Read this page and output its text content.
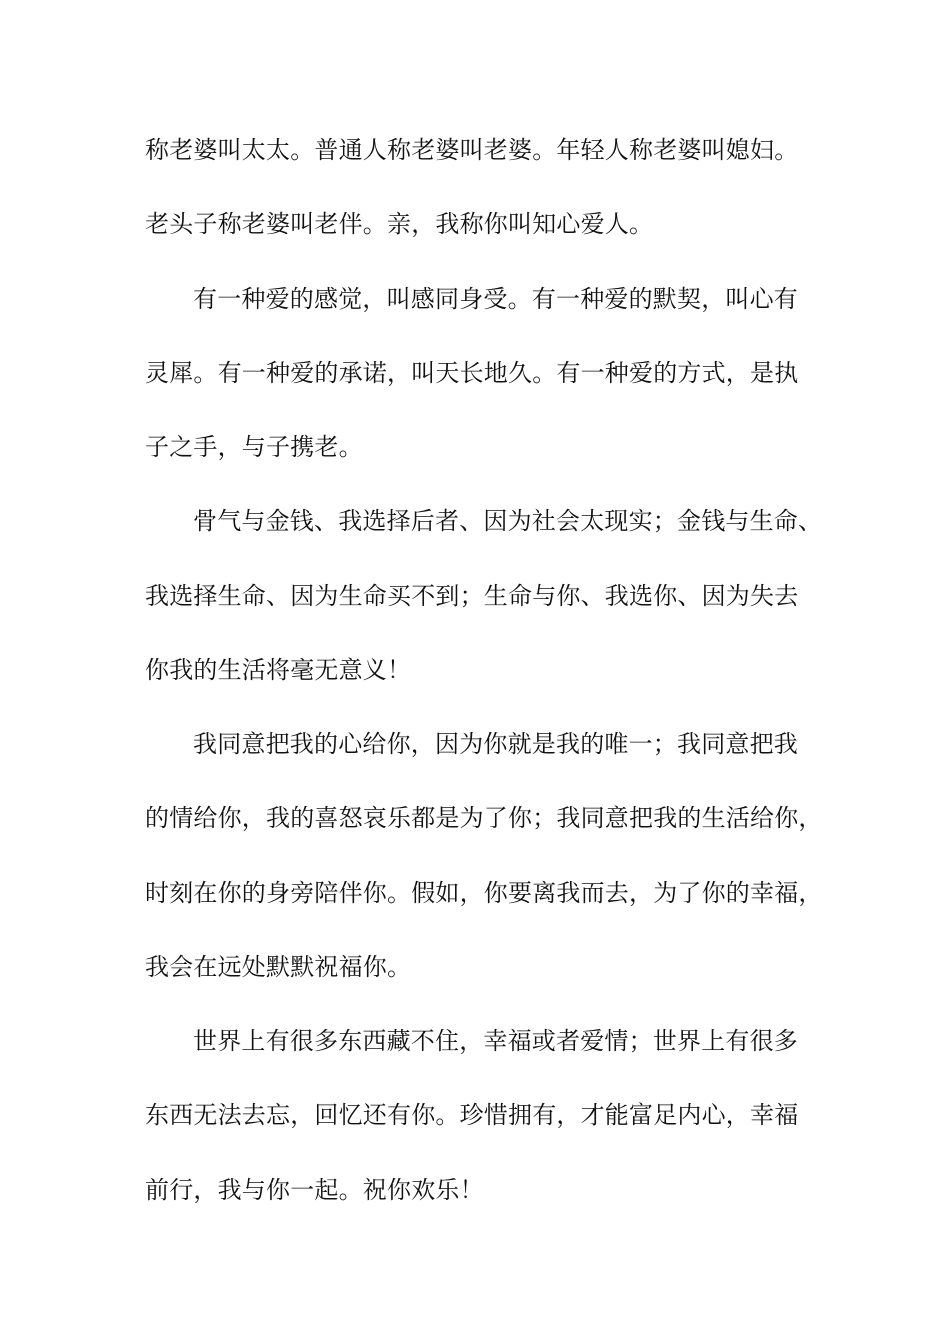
称老婆叫太太。普通人称老婆叫老婆。年轻人称老婆叫媳妇。
老头子称老婆叫老伴。亲，我称你叫知心爱人。
有一种爱的感觉，叫感同身受。有一种爱的默契，叫心有
灵犀。有一种爱的承诺，叫天长地久。有一种爱的方式，是执
子之手，与子携老。
骨气与金钱、我选择后者、因为社会太现实；金钱与生命、
我选择生命、因为生命买不到；生命与你、我选你、因为失去
你我的生活将毫无意义！
我同意把我的心给你，因为你就是我的唯一；我同意把我
的情给你，我的喜怒哀乐都是为了你；我同意把我的生活给你，
时刻在你的身旁陪伴你。假如，你要离我而去，为了你的幸福，
我会在远处默默祝福你。
世界上有很多东西藏不住，幸福或者爱情；世界上有很多
东西无法去忘，回忆还有你。珍惜拥有，才能富足内心，幸福
前行，我与你一起。祝你欢乐！
